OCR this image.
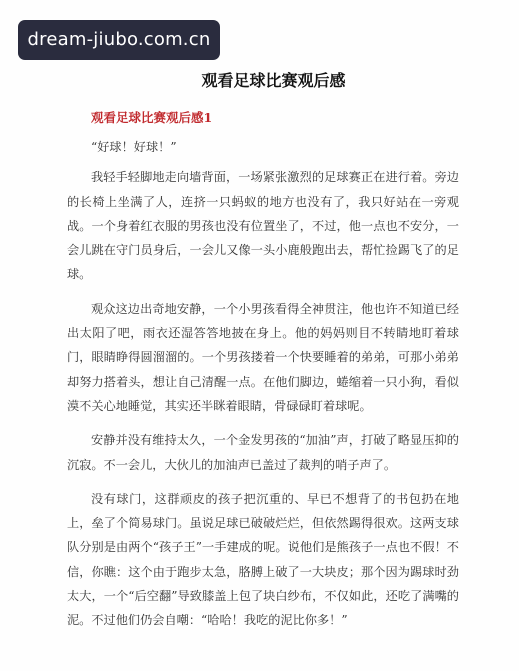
dream-jiubo.com.cn
观看足球比赛观后感
观看足球比赛观后感1

“好球！好球！”

我轻手轻脚地走向墙背面，一场紧张激烈的足球赛正在进行着。旁边的长椅上坐满了人，连挤一只蚂蚁的地方也没有了，我只好站在一旁观战。一个身着红衣服的男孩也没有位置坐了，不过，他一点也不安分，一会儿跳在守门员身后，一会儿又像一头小鹿般跑出去，帮忙捡踢飞了的足球。

观众这边出奇地安静，一个小男孩看得全神贯注，他也许不知道已经出太阳了吧，雨衣还湿答答地披在身上。他的妈妈则目不转睛地盯着球门，眼睛睁得圆溜溜的。一个男孩搂着一个快要睡着的弟弟，可那小弟弟却努力搭着头，想让自己清醒一点。在他们脚边，蜷缩着一只小狗，看似漠不关心地睡觉，其实还半眯着眼睛，骨碌碌盯着球呢。

安静并没有维持太久，一个金发男孩的“加油”声，打破了略显压抑的沉寂。不一会儿，大伙儿的加油声已盖过了裁判的哨子声了。

没有球门，这群顽皮的孩子把沉重的、早已不想背了的书包扔在地上，垒了个简易球门。虽说足球已破破烂烂，但依然踢得很欢。这两支球队分别是由两个“孩子王”一手建成的呢。说他们是熊孩子一点也不假！不信，你瞧：这个由于跑步太急，胳膊上破了一大块皮；那个因为踢球时劲太大，一个“后空翻”导致膝盖上包了块白纱布，不仅如此，还吃了满嘴的泥。不过他们仍会自嘲：“哈哈！我吃的泥比你多！”
